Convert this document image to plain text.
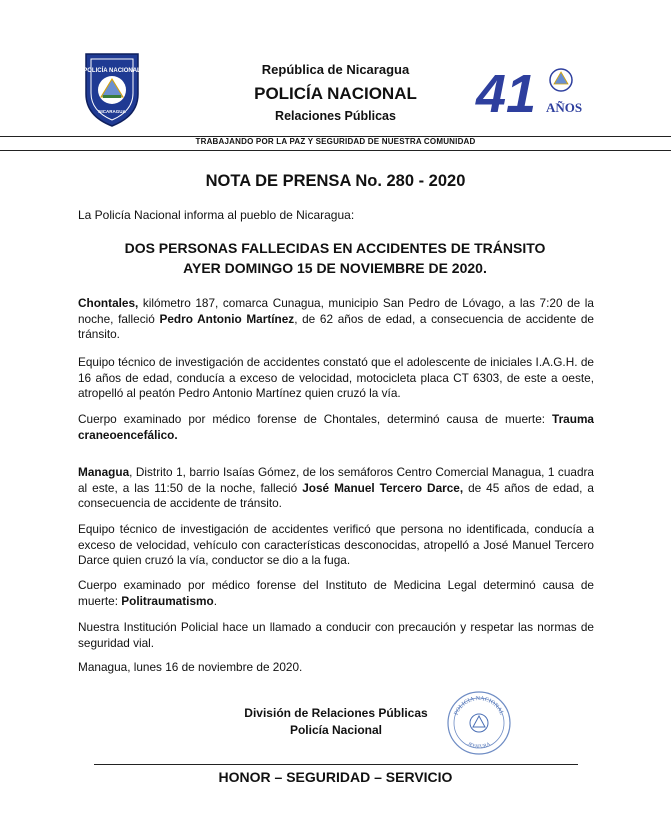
POLICÍA NACIONAL
NICARAGUA
República de Nicaragua
POLICÍA NACIONAL
Relaciones Públicas	41 AÑOS
TRABAJANDO POR LA PAZ Y SEGURIDAD DE NUESTRA COMUNIDAD
NOTA DE PRENSA No. 280 - 2020
La Policía Nacional informa al pueblo de Nicaragua:
DOS PERSONAS FALLECIDAS EN ACCIDENTES DE TRÁNSITO
AYER DOMINGO 15 DE NOVIEMBRE DE 2020.
Chontales, kilómetro 187, comarca Cunagua, municipio San Pedro de Lóvago, a las 7:20 de la noche, falleció Pedro Antonio Martínez, de 62 años de edad, a consecuencia de accidente de tránsito.
Equipo técnico de investigación de accidentes constató que el adolescente de iniciales I.A.G.H. de 16 años de edad, conducía a exceso de velocidad, motocicleta placa CT 6303, de este a oeste, atropelló al peatón Pedro Antonio Martínez quien cruzó la vía.
Cuerpo examinado por médico forense de Chontales, determinó causa de muerte: Trauma craneoencefálico.
Managua, Distrito 1, barrio Isaías Gómez, de los semáforos Centro Comercial Managua, 1 cuadra al este, a las 11:50 de la noche, falleció José Manuel Tercero Darce, de 45 años de edad, a consecuencia de accidente de tránsito.
Equipo técnico de investigación de accidentes verificó que persona no identificada, conducía a exceso de velocidad, vehículo con características desconocidas, atropelló a José Manuel Tercero Darce quien cruzó la vía, conductor se dio a la fuga.
Cuerpo examinado por médico forense del Instituto de Medicina Legal determinó causa de muerte: Politraumatismo.
Nuestra Institución Policial hace un llamado a conducir con precaución y respetar las normas de seguridad vial.
Managua, lunes 16 de noviembre de 2020.
División de Relaciones Públicas
Policía Nacional
POLICIA NACIONAL
JEFATURA
HONOR – SEGURIDAD – SERVICIO
